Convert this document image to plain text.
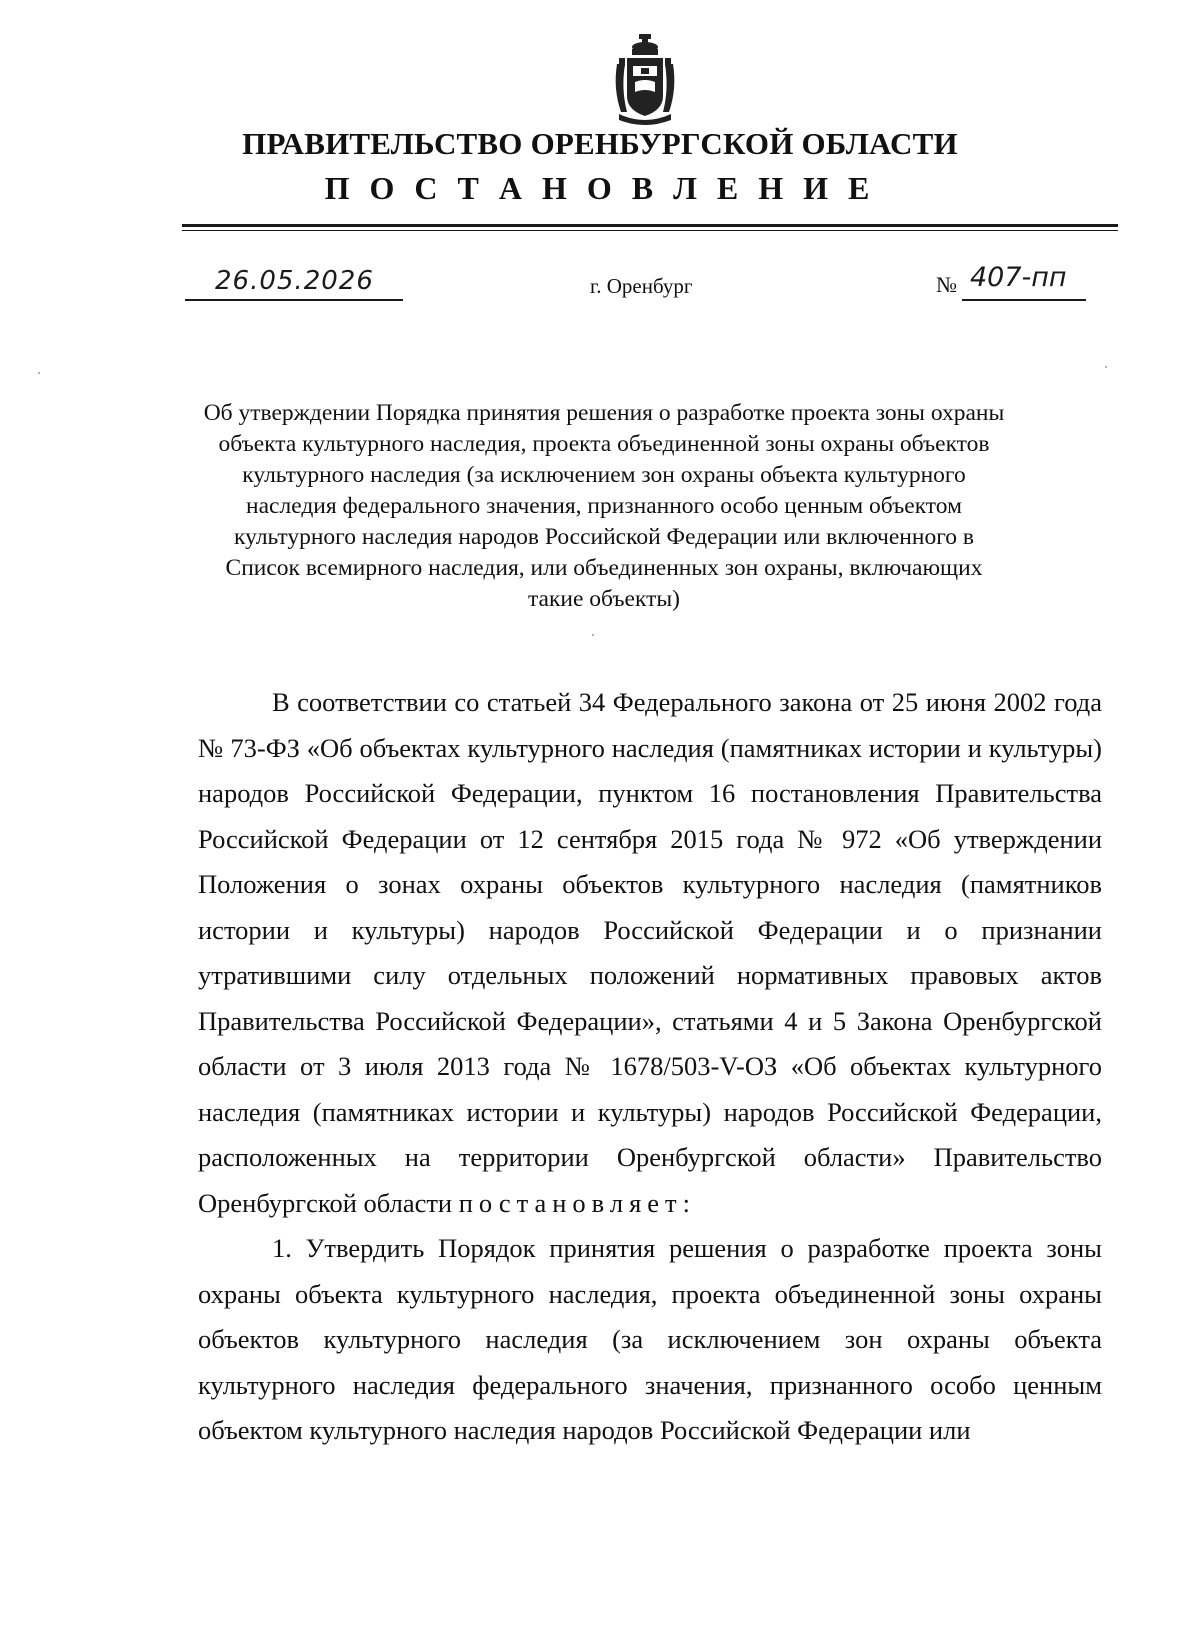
ПРАВИТЕЛЬСТВО ОРЕНБУРГСКОЙ ОБЛАСТИ
П О С Т А Н О В Л Е Н И Е
26.05.2026	г. Оренбург	№ 407-пп
Об утверждении Порядка принятия решения о разработке проекта зоны охраны объекта культурного наследия, проекта объединенной зоны охраны объектов культурного наследия (за исключением зон охраны объекта культурного наследия федерального значения, признанного особо ценным объектом культурного наследия народов Российской Федерации или включенного в Список всемирного наследия, или объединенных зон охраны, включающих такие объекты)

В соответствии со статьей 34 Федерального закона от 25 июня 2002 года № 73-ФЗ «Об объектах культурного наследия (памятниках истории и культуры) народов Российской Федерации, пунктом 16 постановления Правительства Российской Федерации от 12 сентября 2015 года № 972 «Об утверждении Положения о зонах охраны объектов культурного наследия (памятников истории и культуры) народов Российской Федерации и о признании утратившими силу отдельных положений нормативных правовых актов Правительства Российской Федерации», статьями 4 и 5 Закона Оренбургской области от 3 июля 2013 года № 1678/503-V-ОЗ «Об объектах культурного наследия (памятниках истории и культуры) народов Российской Федерации, расположенных на территории Оренбургской области» Правительство Оренбургской области постановляет:

1. Утвердить Порядок принятия решения о разработке проекта зоны охраны объекта культурного наследия, проекта объединенной зоны охраны объектов культурного наследия (за исключением зон охраны объекта культурного наследия федерального значения, признанного особо ценным объектом культурного наследия народов Российской Федерации или
